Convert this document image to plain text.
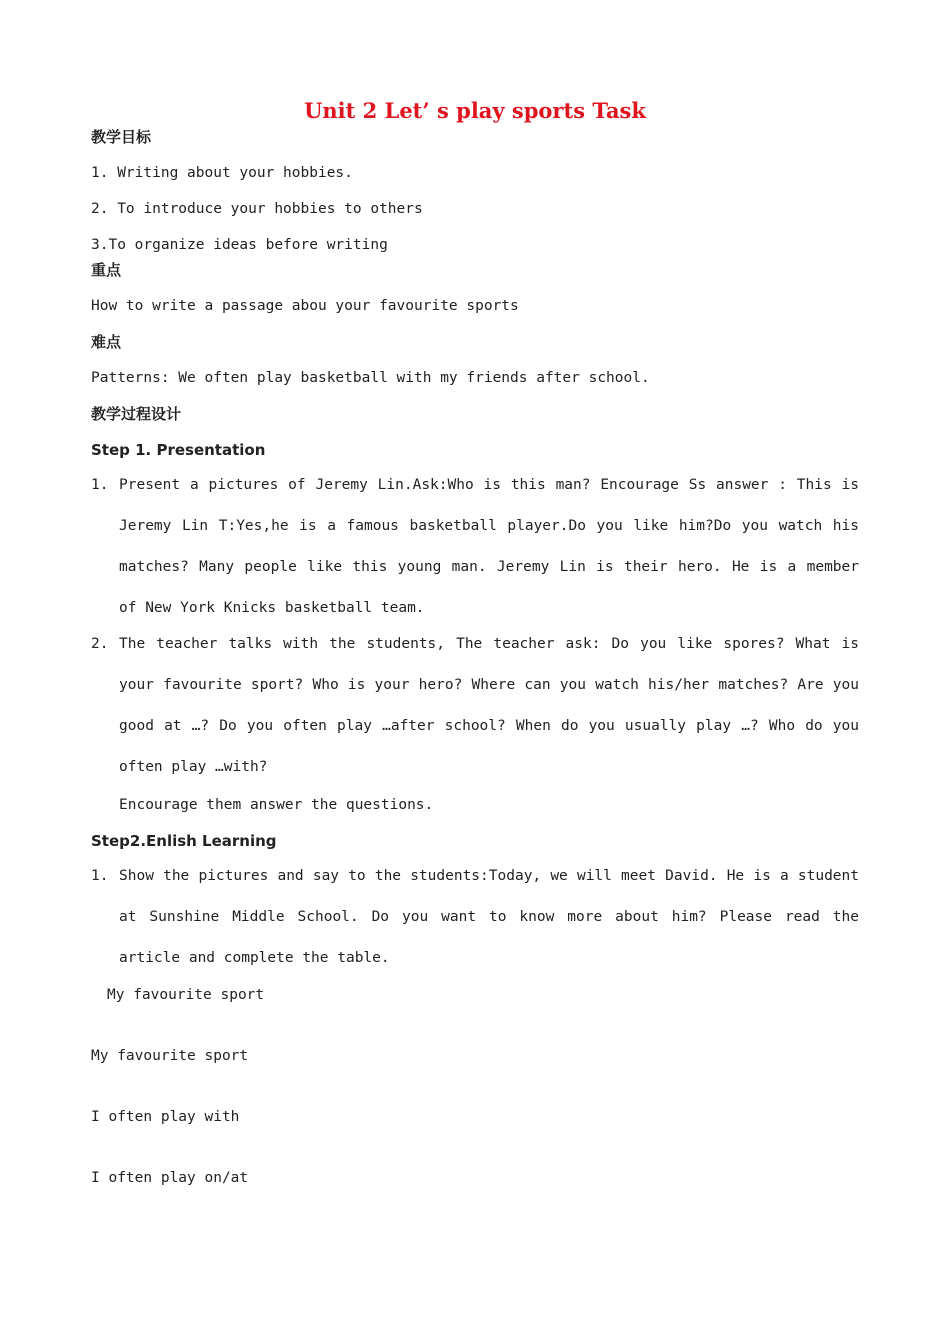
Unit 2 Let’ s play sports Task
教学目标
1. Writing about your hobbies.
2. To introduce your hobbies to others
3.To organize ideas before writing
重点
How to write a passage abou your favourite sports
难点
Patterns: We often play basketball with my friends after school.
教学过程设计
Step 1. Presentation
1. Present a pictures of Jeremy Lin.Ask:Who is this man? Encourage Ss answer : This is Jeremy Lin T:Yes,he is a famous basketball player.Do you like him?Do you watch his matches? Many people like this young man. Jeremy Lin is their hero. He is a member of New York Knicks basketball team.
2. The teacher talks with the students, The teacher ask: Do you like spores? What is your favourite sport? Who is your hero? Where can you watch his/her matches? Are you good at …? Do you often play …after school? When do you usually play …? Who do you often play …with?
Encourage them answer the questions.
Step2.Enlish Learning
1. Show the pictures and say to the students:Today, we will meet David. He is a student at Sunshine Middle School. Do you want to know more about him? Please read the article and complete the table.
My favourite sport
My favourite sport
I often play with
I often play on/at
